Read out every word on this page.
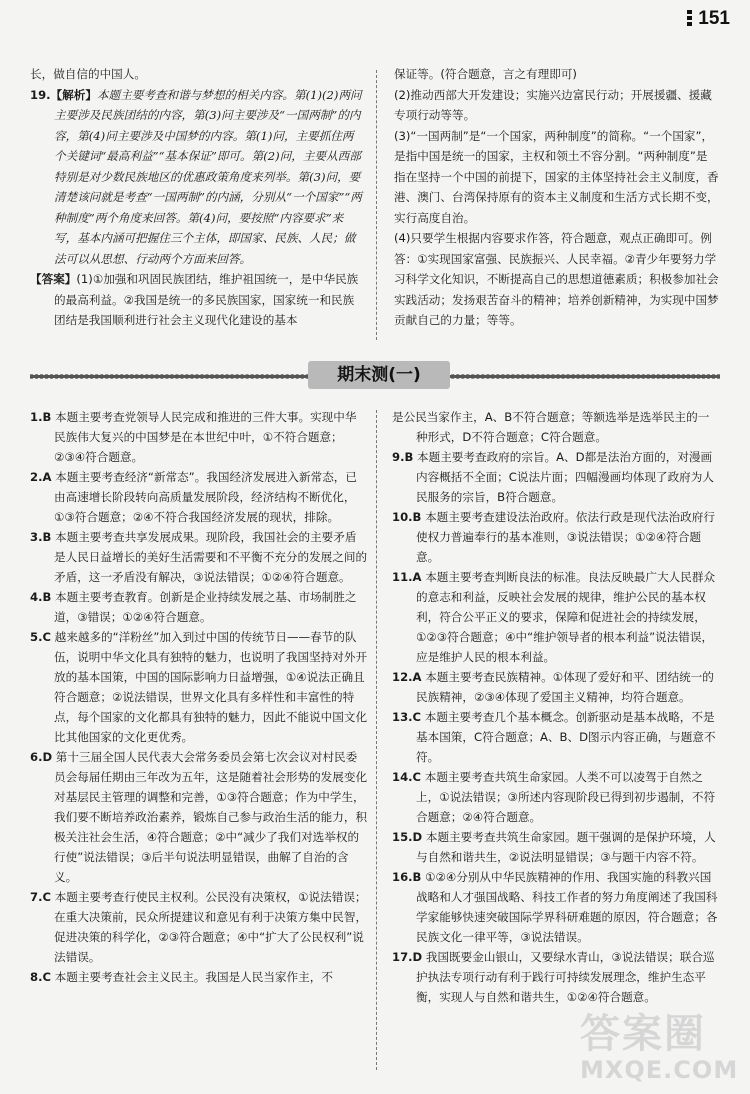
151

长，做自信的中国人。

19.【解析】本题主要考查和谐与梦想的相关内容。第(1)(2)两问主要涉及民族团结的内容，第(3)问主要涉及“一国两制”的内容，第(4)问主要涉及中国梦的内容。第(1)问，主要抓住两个关键词“最高利益”“基本保证”即可。第(2)问，主要从西部特别是对少数民族地区的优惠政策角度来列举。第(3)问，要清楚该问就是考查“一国两制”的内涵，分别从“一个国家”“两种制度”两个角度来回答。第(4)问，要按照“内容要求”来写，基本内涵可把握住三个主体，即国家、民族、人民；做法可以从思想、行动两个方面来回答。

【答案】(1)①加强和巩固民族团结，维护祖国统一，是中华民族的最高利益。②我国是统一的多民族国家，国家统一和民族团结是我国顺利进行社会主义现代化建设的基本

保证等。(符合题意，言之有理即可)

(2)推动西部大开发建设；实施兴边富民行动；开展援疆、援藏专项行动等等。

(3)“一国两制”是“一个国家，两种制度”的简称。“一个国家”，是指中国是统一的国家，主权和领土不容分割。“两种制度”是指在坚持一个中国的前提下，国家的主体坚持社会主义制度，香港、澳门、台湾保持原有的资本主义制度和生活方式长期不变，实行高度自治。

(4)只要学生根据内容要求作答，符合题意，观点正确即可。例答：①实现国家富强、民族振兴、人民幸福。②青少年要努力学习科学文化知识，不断提高自己的思想道德素质；积极参加社会实践活动；发扬艰苦奋斗的精神；培养创新精神，为实现中国梦贡献自己的力量；等等。

期末测(一)

1.B 本题主要考查党领导人民完成和推进的三件大事。实现中华民族伟大复兴的中国梦是在本世纪中叶，①不符合题意；②③④符合题意。

2.A 本题主要考查经济“新常态”。我国经济发展进入新常态，已由高速增长阶段转向高质量发展阶段，经济结构不断优化，①③符合题意；②④不符合我国经济发展的现状，排除。

3.B 本题主要考查共享发展成果。现阶段，我国社会的主要矛盾是人民日益增长的美好生活需要和不平衡不充分的发展之间的矛盾，这一矛盾没有解决，③说法错误；①②④符合题意。

4.B 本题主要考查教育。创新是企业持续发展之基、市场制胜之道，③错误；①②④符合题意。

5.C 越来越多的“洋粉丝”加入到过中国的传统节日——春节的队伍，说明中华文化具有独特的魅力，也说明了我国坚持对外开放的基本国策，中国的国际影响力日益增强，①④说法正确且符合题意；②说法错误，世界文化具有多样性和丰富性的特点，每个国家的文化都具有独特的魅力，因此不能说中国文化比其他国家的文化更优秀。

6.D 第十三届全国人民代表大会常务委员会第七次会议对村民委员会每届任期由三年改为五年，这是随着社会形势的发展变化对基层民主管理的调整和完善，①③符合题意；作为中学生，我们要不断培养政治素养，锻炼自己参与政治生活的能力，积极关注社会生活，④符合题意；②中“减少了我们对选举权的行使”说法错误；③后半句说法明显错误，曲解了自治的含义。

7.C 本题主要考查行使民主权利。公民没有决策权，①说法错误；在重大决策前，民众所提建议和意见有利于决策方集中民智，促进决策的科学化，②③符合题意；④中“扩大了公民权利”说法错误。

8.C 本题主要考查社会主义民主。我国是人民当家作主，不

是公民当家作主，A、B不符合题意；等额选举是选举民主的一种形式，D不符合题意；C符合题意。

9.B 本题主要考查政府的宗旨。A、D都是法治方面的，对漫画内容概括不全面；C说法片面；四幅漫画均体现了政府为人民服务的宗旨，B符合题意。

10.B 本题主要考查建设法治政府。依法行政是现代法治政府行使权力普遍奉行的基本准则，③说法错误；①②④符合题意。

11.A 本题主要考查判断良法的标准。良法反映最广大人民群众的意志和利益，反映社会发展的规律，维护公民的基本权利，符合公平正义的要求，保障和促进社会的持续发展，①②③符合题意；④中“维护领导者的根本利益”说法错误，应是维护人民的根本利益。

12.A 本题主要考查民族精神。①体现了爱好和平、团结统一的民族精神，②③④体现了爱国主义精神，均符合题意。

13.C 本题主要考查几个基本概念。创新驱动是基本战略，不是基本国策，C符合题意；A、B、D图示内容正确，与题意不符。

14.C 本题主要考查共筑生命家园。人类不可以凌驾于自然之上，①说法错误；③所述内容现阶段已得到初步遏制，不符合题意；②④符合题意。

15.D 本题主要考查共筑生命家园。题干强调的是保护环境，人与自然和谐共生，②说法明显错误；③与题干内容不符。

16.B ①②④分别从中华民族精神的作用、我国实施的科教兴国战略和人才强国战略、科技工作者的努力角度阐述了我国科学家能够快速突破国际学界科研难题的原因，符合题意；各民族文化一律平等，③说法错误。

17.D 我国既要金山银山，又要绿水青山，③说法错误；联合巡护执法专项行动有利于践行可持续发展理念，维护生态平衡，实现人与自然和谐共生，①②④符合题意。

答案圈
MXQE.COM
